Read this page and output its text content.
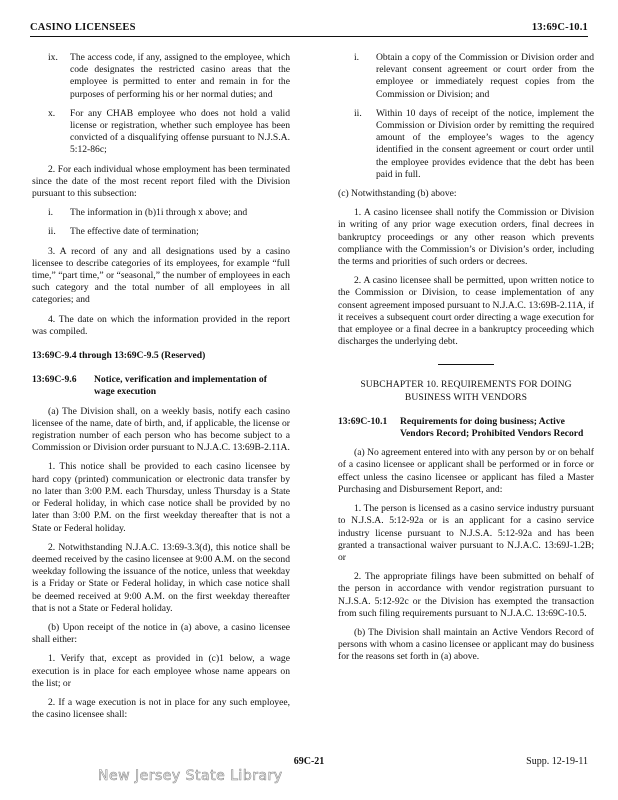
CASINO LICENSEES	13:69C-10.1
ix.	The access code, if any, assigned to the employee, which code designates the restricted casino areas that the employee is permitted to enter and remain in for the purposes of performing his or her normal duties; and
x.	For any CHAB employee who does not hold a valid license or registration, whether such employee has been convicted of a disqualifying offense pursuant to N.J.S.A. 5:12-86c;

2. For each individual whose employment has been terminated since the date of the most recent report filed with the Division pursuant to this subsection:

i.	The information in (b)1i through x above; and
ii.	The effective date of termination;

3. A record of any and all designations used by a casino licensee to describe categories of its employees, for example “full time,” “part time,” or “seasonal,” the number of employees in each such category and the total number of all employees in all categories; and

4. The date on which the information provided in the report was compiled.

13:69C-9.4 through 13:69C-9.5 (Reserved)
13:69C-9.6	Notice, verification and implementation of wage execution

(a) The Division shall, on a weekly basis, notify each casino licensee of the name, date of birth, and, if applicable, the license or registration number of each person who has become subject to a Commission or Division order pursuant to N.J.A.C. 13:69B-2.11A.

1. This notice shall be provided to each casino licensee by hard copy (printed) communication or electronic data transfer by no later than 3:00 P.M. each Thursday, unless Thursday is a State or Federal holiday, in which case notice shall be provided by no later than 3:00 P.M. on the first weekday thereafter that is not a State or Federal holiday.

2. Notwithstanding N.J.A.C. 13:69-3.3(d), this notice shall be deemed received by the casino licensee at 9:00 A.M. on the second weekday following the issuance of the notice, unless that weekday is a Friday or State or Federal holiday, in which case notice shall be deemed received at 9:00 A.M. on the first weekday thereafter that is not a State or Federal holiday.

(b) Upon receipt of the notice in (a) above, a casino licensee shall either:

1. Verify that, except as provided in (c)1 below, a wage execution is in place for each employee whose name appears on the list; or

2. If a wage execution is not in place for any such employee, the casino licensee shall:

i.	Obtain a copy of the Commission or Division order and relevant consent agreement or court order from the employee or immediately request copies from the Commission or Division; and
ii.	Within 10 days of receipt of the notice, implement the Commission or Division order by remitting the required amount of the employee’s wages to the agency identified in the consent agreement or court order until the employee provides evidence that the debt has been paid in full.

(c) Notwithstanding (b) above:

1. A casino licensee shall notify the Commission or Division in writing of any prior wage execution orders, final decrees in bankruptcy proceedings or any other reason which prevents compliance with the Commission’s or Division’s order, including the terms and priorities of such orders or decrees.

2. A casino licensee shall be permitted, upon written notice to the Commission or Division, to cease implementation of any consent agreement imposed pursuant to N.J.A.C. 13:69B-2.11A, if it receives a subsequent court order directing a wage execution for that employee or a final decree in a bankruptcy proceeding which discharges the underlying debt.

SUBCHAPTER 10. REQUIREMENTS FOR DOING BUSINESS WITH VENDORS

13:69C-10.1	Requirements for doing business; Active Vendors Record; Prohibited Vendors Record

(a) No agreement entered into with any person by or on behalf of a casino licensee or applicant shall be performed or in force or effect unless the casino licensee or applicant has filed a Master Purchasing and Disbursement Report, and:

1. The person is licensed as a casino service industry pursuant to N.J.S.A. 5:12-92a or is an applicant for a casino service industry license pursuant to N.J.S.A. 5:12-92a and has been granted a transactional waiver pursuant to N.J.A.C. 13:69J-1.2B; or

2. The appropriate filings have been submitted on behalf of the person in accordance with vendor registration pursuant to N.J.S.A. 5:12-92c or the Division has exempted the transaction from such filing requirements pursuant to N.J.A.C. 13:69C-10.5.

(b) The Division shall maintain an Active Vendors Record of persons with whom a casino licensee or applicant may do business for the reasons set forth in (a) above.

69C-21	Supp. 12-19-11
New Jersey State Library
